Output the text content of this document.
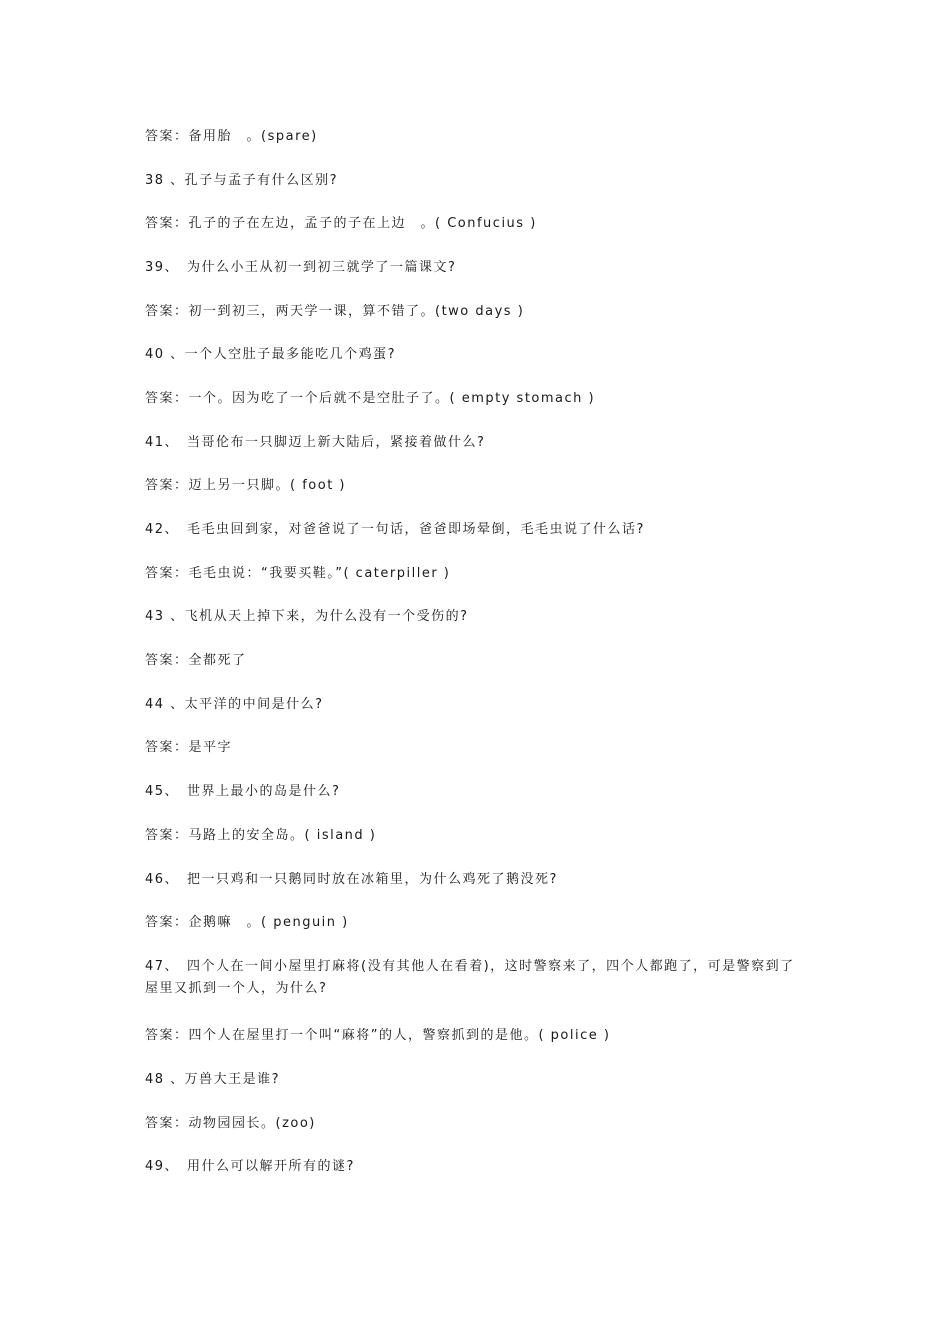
答案：备用胎　。(spare)
38 、孔子与孟子有什么区别?
答案：孔子的子在左边，孟子的子在上边　。( Confucius )
39、　为什么小王从初一到初三就学了一篇课文?
答案：初一到初三，两天学一课，算不错了。(two days )
40 、一个人空肚子最多能吃几个鸡蛋?
答案：一个。因为吃了一个后就不是空肚子了。( empty stomach )
41、　当哥伦布一只脚迈上新大陆后，紧接着做什么?
答案：迈上另一只脚。( foot )
42、　毛毛虫回到家，对爸爸说了一句话，爸爸即场晕倒，毛毛虫说了什么话?
答案：毛毛虫说：“我要买鞋。”( caterpiller )
43 、飞机从天上掉下来，为什么没有一个受伤的?
答案：全都死了
44 、太平洋的中间是什么?
答案：是平字
45、　世界上最小的岛是什么?
答案：马路上的安全岛。( island )
46、　把一只鸡和一只鹅同时放在冰箱里，为什么鸡死了鹅没死?
答案：企鹅嘛　。( penguin )
47、　四个人在一间小屋里打麻将(没有其他人在看着)，这时警察来了，四个人都跑了，可是警察到了屋里又抓到一个人，为什么?
答案：四个人在屋里打一个叫“麻将”的人，警察抓到的是他。( police )
48 、万兽大王是谁?
答案：动物园园长。(zoo)
49、　用什么可以解开所有的谜?
